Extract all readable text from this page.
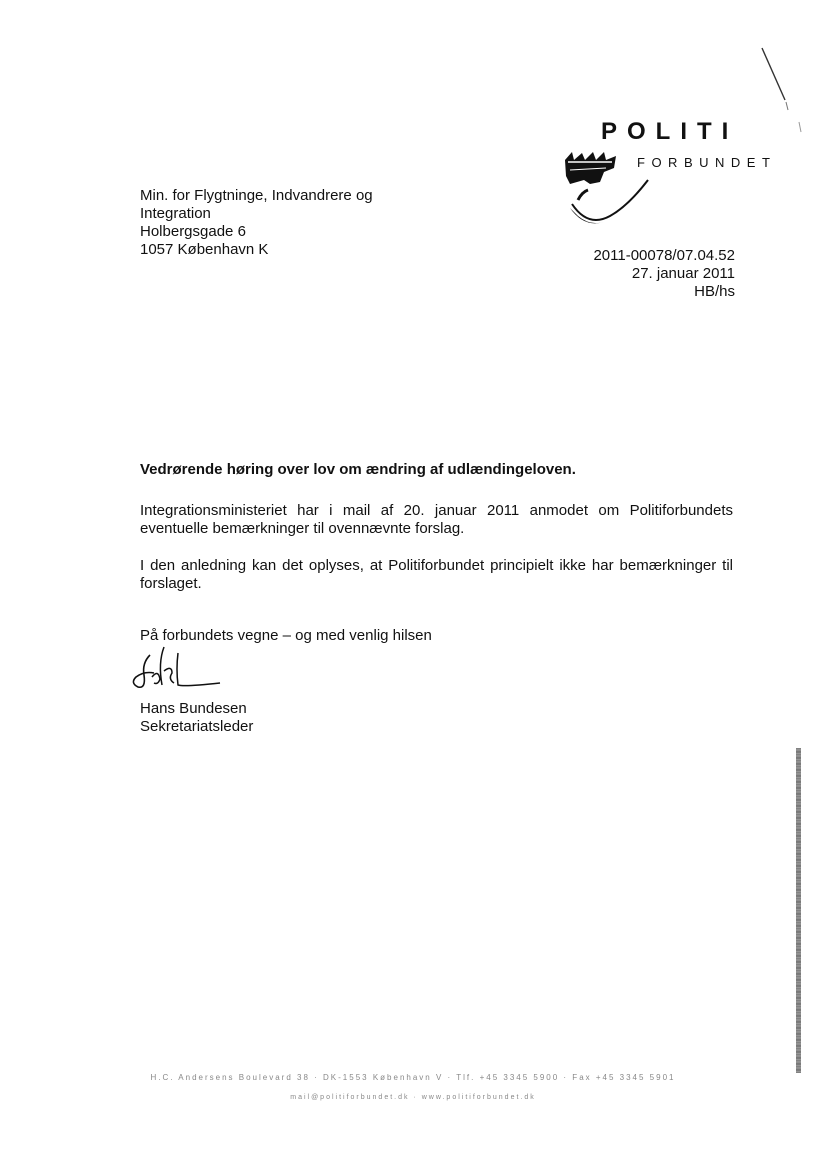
POLITI
FORBUNDET
Min. for Flygtninge, Indvandrere og
Integration
Holbergsgade 6
1057 København K	2011-00078/07.04.52
27. januar 2011
HB/hs
Vedrørende høring over lov om ændring af udlændingeloven.
Integrationsministeriet har i mail af 20. januar 2011 anmodet om Politiforbundets eventuelle bemærkninger til ovennævnte forslag.
I den anledning kan det oplyses, at Politiforbundet principielt ikke har bemærkninger til forslaget.
På forbundets vegne – og med venlig hilsen
Hans Bundesen
Sekretariatsleder
H.C. Andersens Boulevard 38 · DK-1553 København V · Tlf. +45 3345 5900 · Fax +45 3345 5901
mail@politiforbundet.dk · www.politiforbundet.dk
